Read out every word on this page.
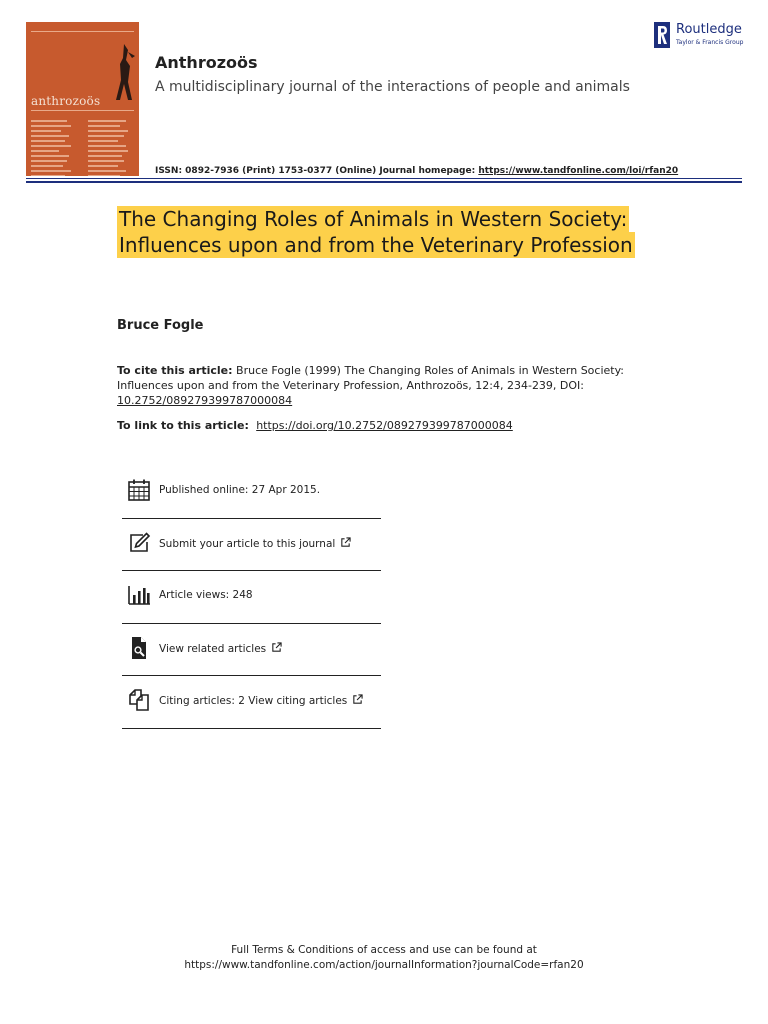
anthrozoös
Anthrozoös
A multidisciplinary journal of the interactions of people and animals
ISSN: 0892-7936 (Print) 1753-0377 (Online) Journal homepage: https://www.tandfonline.com/loi/rfan20
Routledge
Taylor & Francis Group
The Changing Roles of Animals in Western Society: Influences upon and from the Veterinary Profession
Bruce Fogle
To cite this article: Bruce Fogle (1999) The Changing Roles of Animals in Western Society: Influences upon and from the Veterinary Profession, Anthrozoös, 12:4, 234-239, DOI: 10.2752/089279399787000084
To link to this article:  https://doi.org/10.2752/089279399787000084
Published online: 27 Apr 2015.
Submit your article to this journal
Article views: 248
View related articles
Citing articles: 2 View citing articles
Full Terms & Conditions of access and use can be found at
https://www.tandfonline.com/action/journalInformation?journalCode=rfan20
